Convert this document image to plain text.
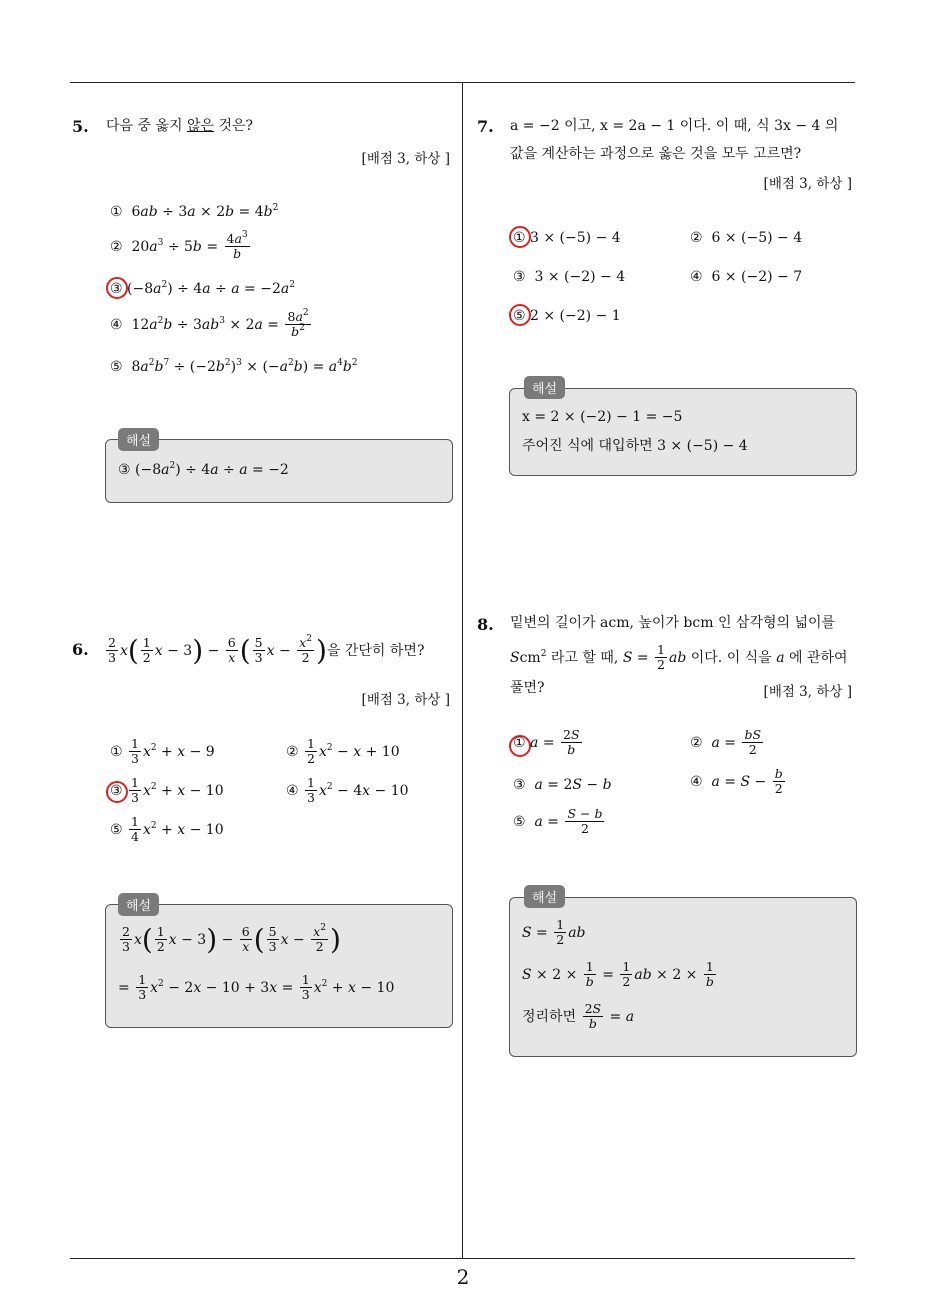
2
5. 다음 중 옳지 않은 것은?
[배점 3, 하상 ]
①  $6ab \div 3a \times 2b = 4b^2$
②  $20a^3 \div 5b = \frac{4a^3}{b}$
③ $(-8a^2) \div 4a \div a = -2a^2$
④  $12a^2b \div 3ab^3 \times 2a = \frac{8a^2}{b^2}$
⑤  $8a^2b^7 \div (-2b^2)^3 \times (-a^2b) = a^4b^2$
③ $(-8a^2) \div 4a \div a = -2$
해설
6. $\frac{2}{3} x( \frac{1}{2}$ $x - 3) - \frac{6}{x}$ ( $\frac{5}{3}$ $x - \frac{x^2}{2}$ )을 간단히 하면?
[배점 3, 하상 ]
① $\frac{1}{3} x^2 + x - 9$	② $\frac{1}{2} x^2 - x + 10$
③ $\frac{1}{3} x^2 + x - 10$	④ $\frac{1}{3} x^2 - 4x - 10$
⑤ $\frac{1}{4} x^2 + x - 10$
$\frac{2}{3} x( \frac{1}{2}$ $x - 3) - \frac{6}{x}$ ( $\frac{5}{3}$ $x - \frac{x^2}{2}$ )
= $\frac{1}{3} x^2 - 2x - 10 + 3x = \frac{1}{3} x^2 + x - 10$
해설
7. a = −2 이고, x = 2a − 1 이다. 이 때, 식 3x − 4 의
값을 계산하는 과정으로 옳은 것을 모두 고르면?
[배점 3, 하상 ]
① 3 × (−5) − 4	② 6 × (−5) − 4
③ 3 × (−2) − 4	④ 6 × (−2) − 7
⑤ 2 × (−2) − 1
x = 2 × (−2) − 1 = −5
주어진 식에 대입하면 3 × (−5) − 4
해설
8. 밑변의 길이가 acm, 높이가 bcm 인 삼각형의 넓이를
Scm$^2$ 라고 할 때, $S = \frac{1}{2}$ ab 이다. 이 식을 a 에 관하여
풀면?	[배점 3, 하상 ]
① $a = \frac{2S}{b}$	② $a = \frac{bS}{2}$
③ a = 2S − b	④ $a = S - \frac{b}{2}$
⑤ $a = \frac{S - b}{2}$
$S = \frac{1}{2}$ ab
$S \times 2 \times \frac{1}{b} = \frac{1}{2}$ ab × $2 \times \frac{1}{b}$
정리하면 $\frac{2S}{b} = a$
해설
